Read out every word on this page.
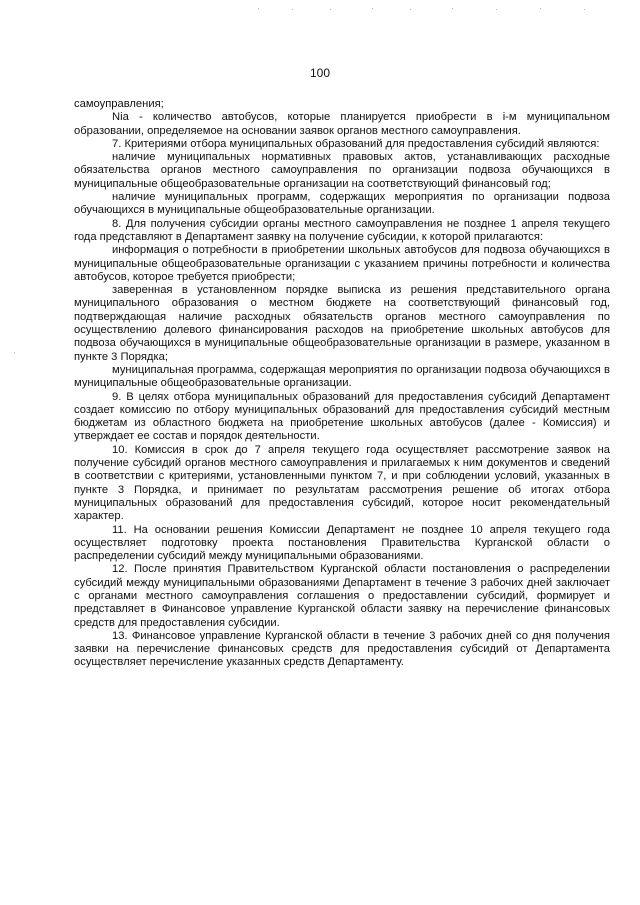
100

самоуправления;

Nia - количество автобусов, которые планируется приобрести в i-м муниципальном образовании, определяемое на основании заявок органов местного самоуправления.

7. Критериями отбора муниципальных образований для предоставления субсидий являются:

наличие муниципальных нормативных правовых актов, устанавливающих расходные обязательства органов местного самоуправления по организации подвоза обучающихся в муниципальные общеобразовательные организации на соответствующий финансовый год;

наличие муниципальных программ, содержащих мероприятия по организации подвоза обучающихся в муниципальные общеобразовательные организации.

8. Для получения субсидии органы местного самоуправления не позднее 1 апреля текущего года представляют в Департамент заявку на получение субсидии, к которой прилагаются:

информация о потребности в приобретении школьных автобусов для подвоза обучающихся в муниципальные общеобразовательные организации с указанием причины потребности и количества автобусов, которое требуется приобрести;

заверенная в установленном порядке выписка из решения представительного органа муниципального образования о местном бюджете на соответствующий финансовый год, подтверждающая наличие расходных обязательств органов местного самоуправления по осуществлению долевого финансирования расходов на приобретение школьных автобусов для подвоза обучающихся в муниципальные общеобразовательные организации в размере, указанном в пункте 3 Порядка;

муниципальная программа, содержащая мероприятия по организации подвоза обучающихся в муниципальные общеобразовательные организации.

9. В целях отбора муниципальных образований для предоставления субсидий Департамент создает комиссию по отбору муниципальных образований для предоставления субсидий местным бюджетам из областного бюджета на приобретение школьных автобусов (далее - Комиссия) и утверждает ее состав и порядок деятельности.

10. Комиссия в срок до 7 апреля текущего года осуществляет рассмотрение заявок на получение субсидий органов местного самоуправления и прилагаемых к ним документов и сведений в соответствии с критериями, установленными пунктом 7, и при соблюдении условий, указанных в пункте 3 Порядка, и принимает по результатам рассмотрения решение об итогах отбора муниципальных образований для предоставления субсидий, которое носит рекомендательный характер.

11. На основании решения Комиссии Департамент не позднее 10 апреля текущего года осуществляет подготовку проекта постановления Правительства Курганской области о распределении субсидий между муниципальными образованиями.

12. После принятия Правительством Курганской области постановления о распределении субсидий между муниципальными образованиями Департамент в течение 3 рабочих дней заключает с органами местного самоуправления соглашения о предоставлении субсидий, формирует и представляет в Финансовое управление Курганской области заявку на перечисление финансовых средств для предоставления субсидии.

13. Финансовое управление Курганской области в течение 3 рабочих дней со дня получения заявки на перечисление финансовых средств для предоставления субсидий от Департамента осуществляет перечисление указанных средств Департаменту.
